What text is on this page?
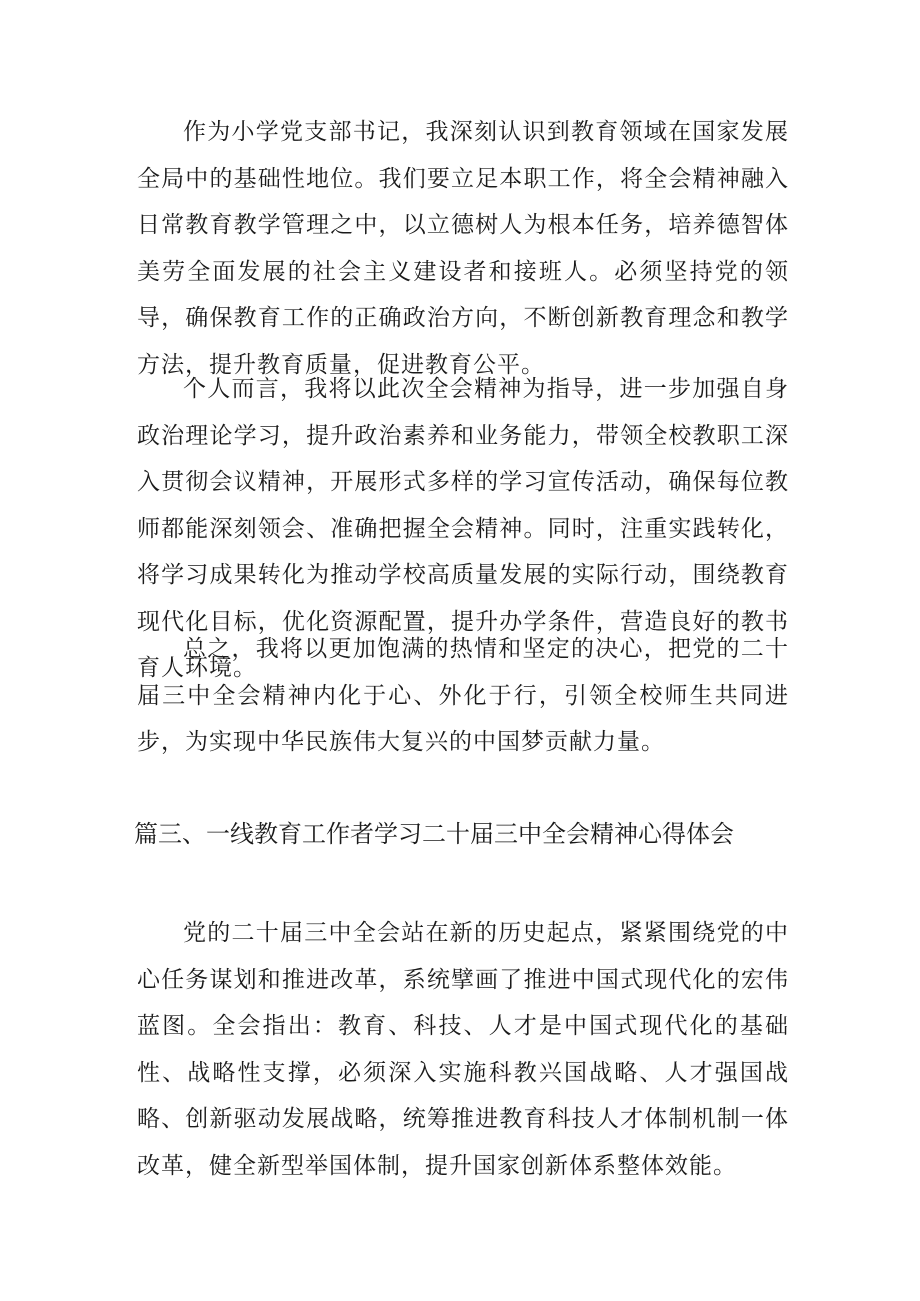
作为小学党支部书记，我深刻认识到教育领域在国家发展全局中的基础性地位。我们要立足本职工作，将全会精神融入日常教育教学管理之中，以立德树人为根本任务，培养德智体美劳全面发展的社会主义建设者和接班人。必须坚持党的领导，确保教育工作的正确政治方向，不断创新教育理念和教学方法，提升教育质量，促进教育公平。

个人而言，我将以此次全会精神为指导，进一步加强自身政治理论学习，提升政治素养和业务能力，带领全校教职工深入贯彻会议精神，开展形式多样的学习宣传活动，确保每位教师都能深刻领会、准确把握全会精神。同时，注重实践转化，将学习成果转化为推动学校高质量发展的实际行动，围绕教育现代化目标，优化资源配置，提升办学条件，营造良好的教书育人环境。

总之，我将以更加饱满的热情和坚定的决心，把党的二十届三中全会精神内化于心、外化于行，引领全校师生共同进步，为实现中华民族伟大复兴的中国梦贡献力量。

篇三、一线教育工作者学习二十届三中全会精神心得体会

党的二十届三中全会站在新的历史起点，紧紧围绕党的中心任务谋划和推进改革，系统擘画了推进中国式现代化的宏伟蓝图。全会指出：教育、科技、人才是中国式现代化的基础性、战略性支撑，必须深入实施科教兴国战略、人才强国战略、创新驱动发展战略，统筹推进教育科技人才体制机制一体改革，健全新型举国体制，提升国家创新体系整体效能。
